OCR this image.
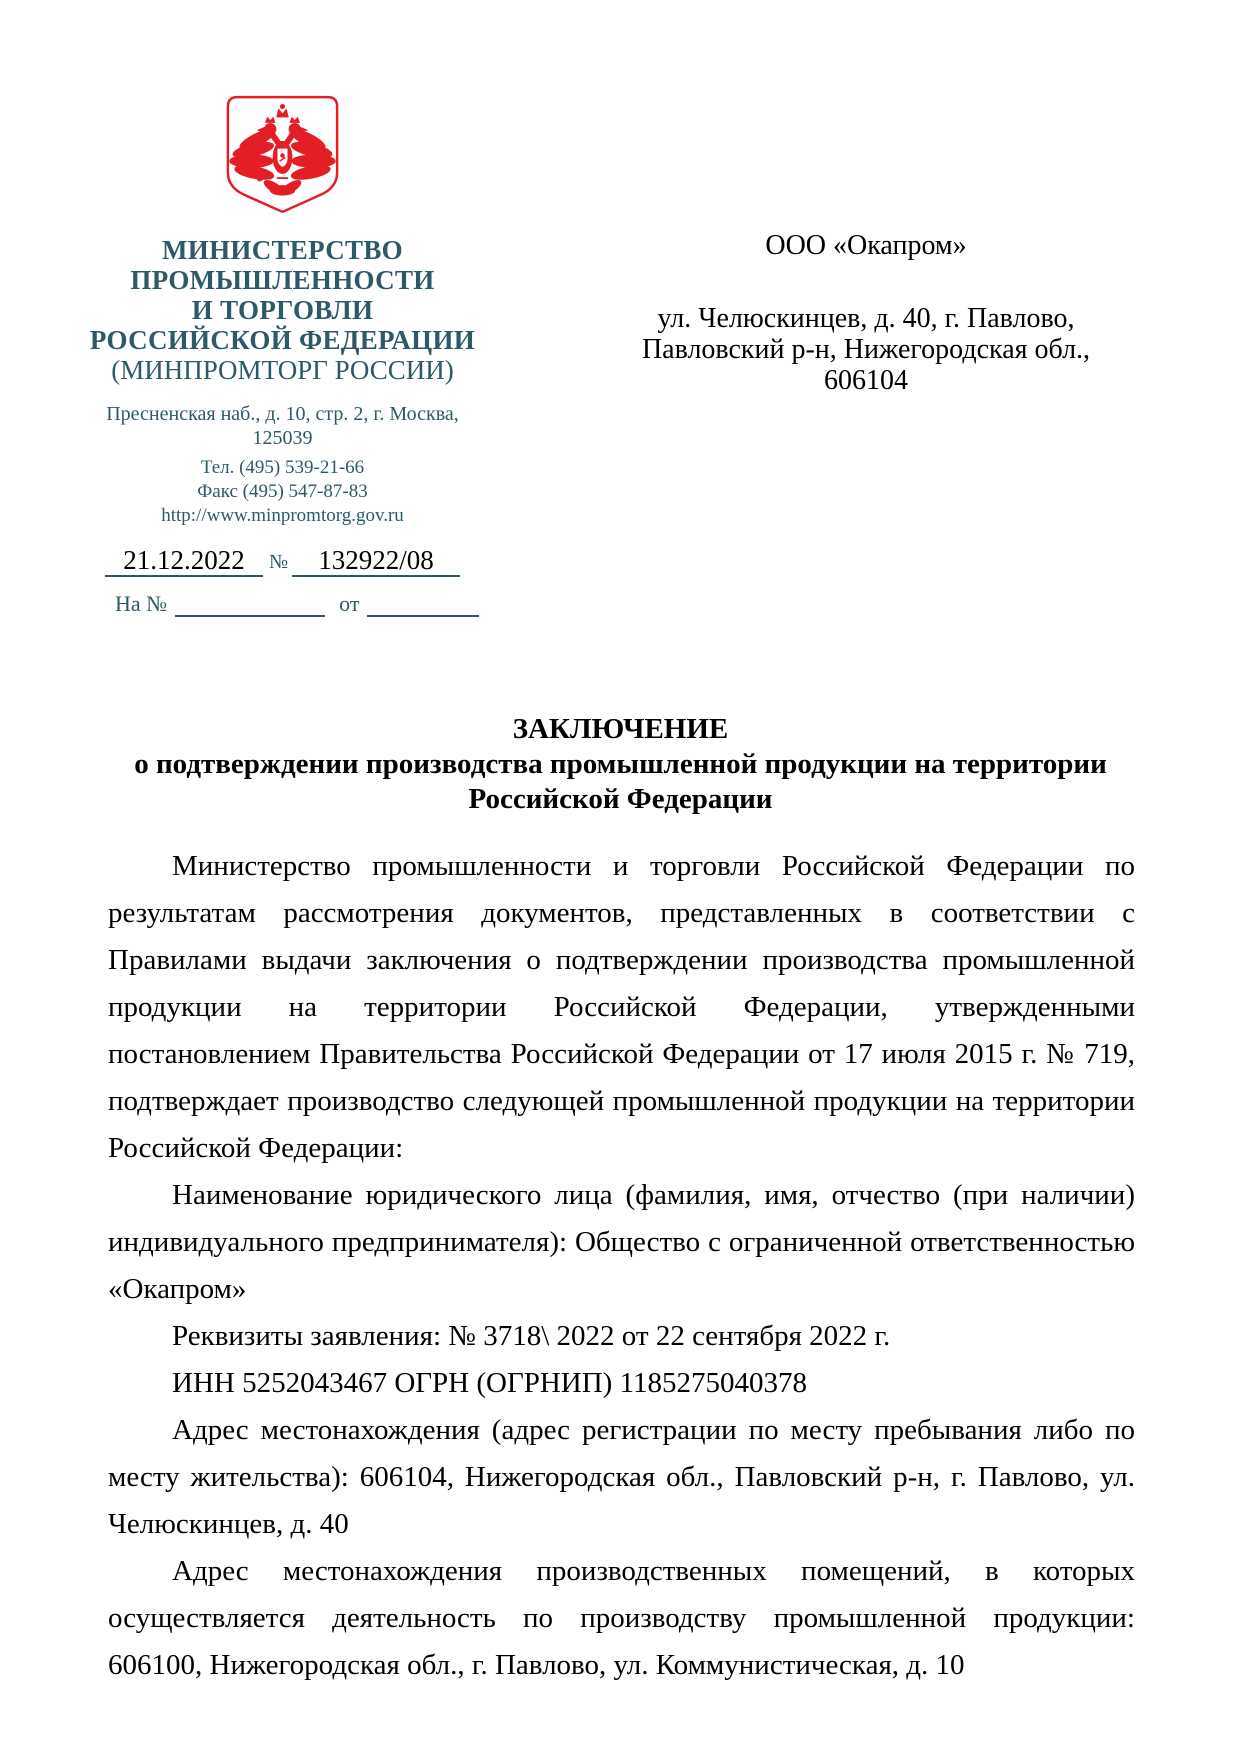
МИНИСТЕРСТВО
ПРОМЫШЛЕННОСТИ
И ТОРГОВЛИ
РОССИЙСКОЙ ФЕДЕРАЦИИ
(МИНПРОМТОРГ РОССИИ)
Пресненская наб., д. 10, стр. 2, г. Москва, 125039
Тел. (495) 539-21-66
Факс (495) 547-87-83
http://www.minpromtorg.gov.ru
21.12.2022	№	132922/08
На №	от
ООО «Окапром»
ул. Челюскинцев, д. 40, г. Павлово,
Павловский р-н, Нижегородская обл.,
606104
ЗАКЛЮЧЕНИЕ
о подтверждении производства промышленной продукции на территории
Российской Федерации

Министерство промышленности и торговли Российской Федерации по результатам рассмотрения документов, представленных в соответствии с Правилами выдачи заключения о подтверждении производства промышленной продукции на территории Российской Федерации, утвержденными постановлением Правительства Российской Федерации от 17 июля 2015 г. № 719, подтверждает производство следующей промышленной продукции на территории Российской Федерации:

Наименование юридического лица (фамилия, имя, отчество (при наличии) индивидуального предпринимателя): Общество с ограниченной ответственностью «Окапром»

Реквизиты заявления: № 3718\ 2022 от 22 сентября 2022 г.

ИНН 5252043467 ОГРН (ОГРНИП) 1185275040378

Адрес местонахождения (адрес регистрации по месту пребывания либо по месту жительства): 606104, Нижегородская обл., Павловский р-н, г. Павлово, ул. Челюскинцев, д. 40

Адрес местонахождения производственных помещений, в которых осуществляется деятельность по производству промышленной продукции: 606100, Нижегородская обл., г. Павлово, ул. Коммунистическая, д. 10
